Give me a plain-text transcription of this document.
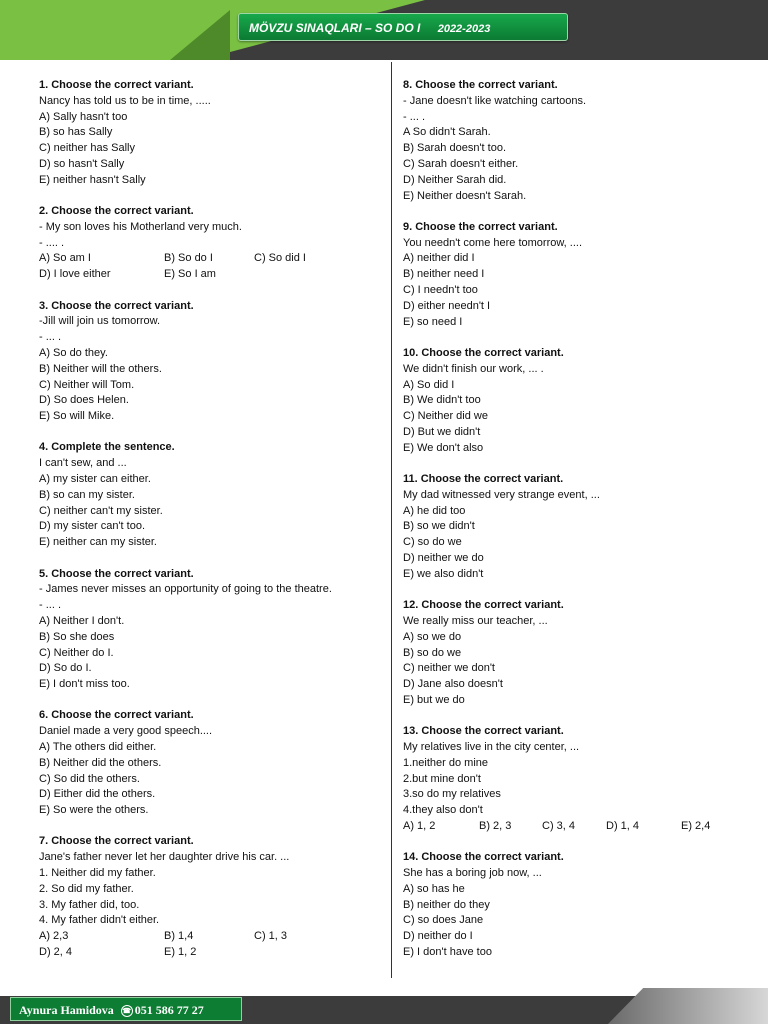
MÖVZU SINAQLARI – SO DO I 2022-2023
1. Choose the correct variant.
Nancy has told us to be in time, .....
A) Sally hasn't too
B) so has Sally
C) neither has Sally
D) so hasn't Sally
E) neither hasn't Sally
2. Choose the correct variant.
- My son loves his Motherland very much.
- .... .
A) So am I	B) So do I	C) So did I
D) I love either	E) So I am
3. Choose the correct variant.
-Jill will join us tomorrow.
- ... .
A) So do they.
B) Neither will the others.
C) Neither will Tom.
D) So does Helen.
E) So will Mike.
4. Complete the sentence.
I can't sew, and ...
A) my sister can either.
B) so can my sister.
C) neither can't my sister.
D) my sister can't too.
E) neither can my sister.
5. Choose the correct variant.
- James never misses an opportunity of going to the theatre.
- ... .
A) Neither I don't.
B) So she does
C) Neither do I.
D) So do I.
E) I don't miss too.
6. Choose the correct variant.
Daniel made a very good speech....
A) The others did either.
B) Neither did the others.
C) So did the others.
D) Either did the others.
E) So were the others.
7. Choose the correct variant.
Jane's father never let her daughter drive his car. ...
1. Neither did my father.
2. So did my father.
3. My father did, too.
4. My father didn't either.
A) 2,3	B) 1,4	C) 1, 3
D) 2, 4	E) 1, 2
8. Choose the correct variant.
- Jane doesn't like watching cartoons.
- ... .
A So didn't Sarah.
B) Sarah doesn't too.
C) Sarah doesn't either.
D) Neither Sarah did.
E) Neither doesn't Sarah.
9. Choose the correct variant.
You needn't come here tomorrow, ....
A) neither did I
B) neither need I
C) I needn't too
D) either needn't I
E) so need I
10. Choose the correct variant.
We didn't finish our work, ... .
A) So did I
B) We didn't too
C) Neither did we
D) But we didn't
E) We don't also
11. Choose the correct variant.
My dad witnessed very strange event, ...
A) he did too
B) so we didn't
C) so do we
D) neither we do
E) we also didn't
12. Choose the correct variant.
We really miss our teacher, ...
A) so we do
B) so do we
C) neither we don't
D) Jane also doesn't
E) but we do
13. Choose the correct variant.
My relatives live in the city center, ...
1.neither do mine
2.but mine don't
3.so do my relatives
4.they also don't
A) 1, 2	B) 2, 3	C) 3, 4	D) 1, 4	E) 2,4
14. Choose the correct variant.
She has a boring job now, ...
A) so has he
B) neither do they
C) so does Jane
D) neither do I
E) I don't have too
Aynura Hamidova ☎ 051 586 77 27
